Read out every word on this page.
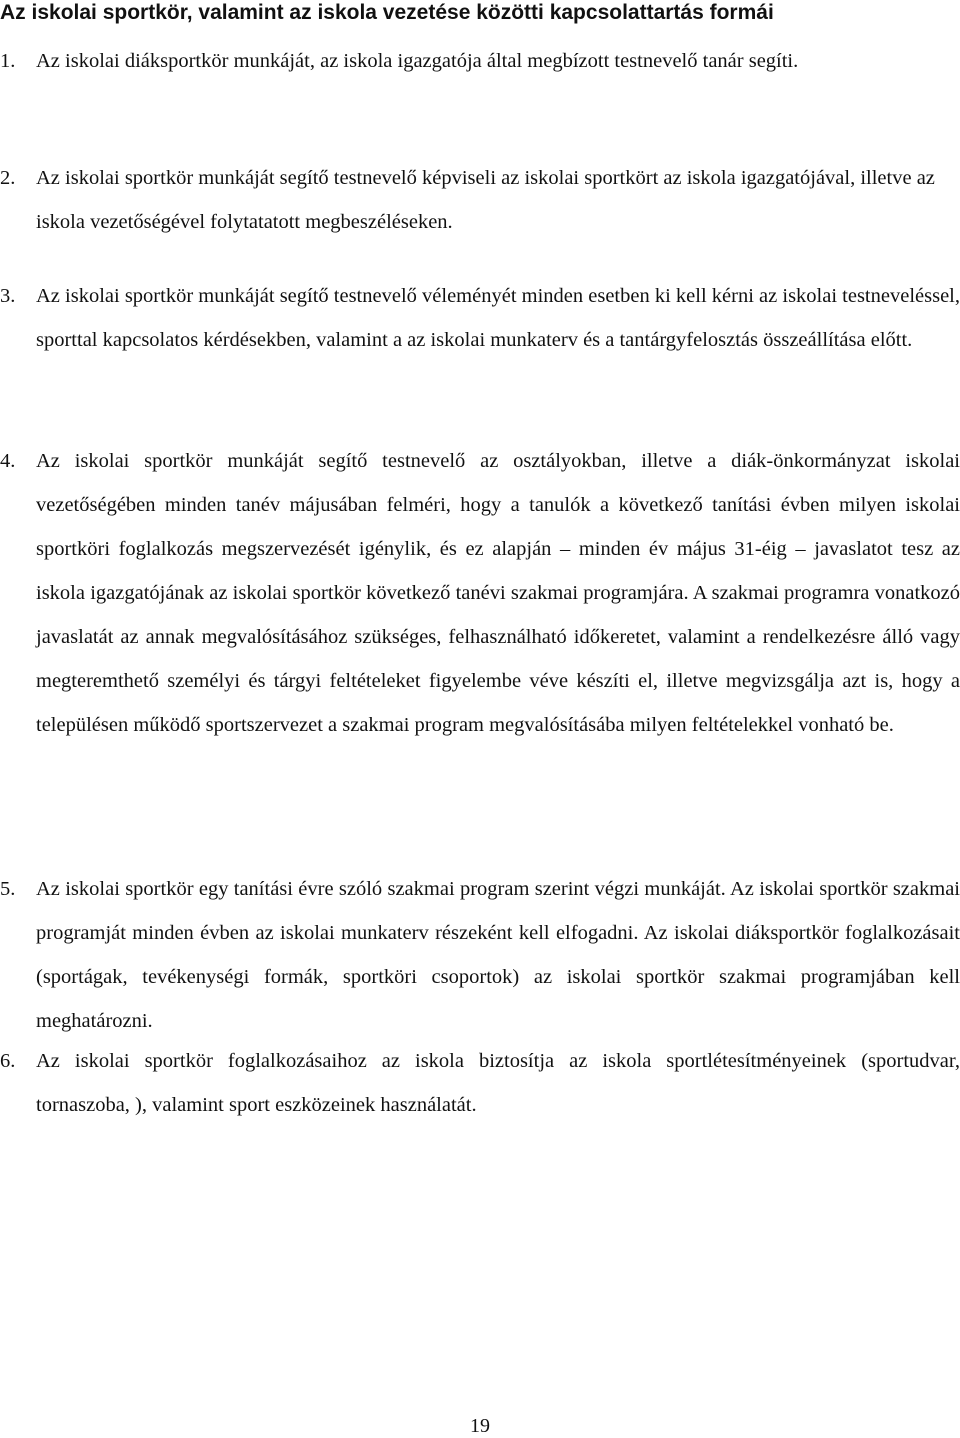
Az iskolai sportkör, valamint az iskola vezetése közötti kapcsolattartás formái
1.	Az iskolai diáksportkör munkáját, az iskola igazgatója által megbízott testnevelő tanár segíti.
2.	Az iskolai sportkör munkáját segítő testnevelő képviseli az iskolai sportkört az iskola igazgatójával, illetve az iskola vezetőségével folytatatott megbeszéléseken.
3.	Az iskolai sportkör munkáját segítő testnevelő véleményét minden esetben ki kell kérni az iskolai testneveléssel, sporttal kapcsolatos kérdésekben, valamint a az iskolai munkaterv és a tantárgyfelosztás összeállítása előtt.
4.	Az iskolai sportkör munkáját segítő testnevelő az osztályokban, illetve a diák-önkormányzat iskolai vezetőségében minden tanév májusában felméri, hogy a tanulók a következő tanítási évben milyen iskolai sportköri foglalkozás megszervezését igénylik, és ez alapján – minden év május 31-éig – javaslatot tesz az iskola igazgatójának az iskolai sportkör következő tanévi szakmai programjára. A szakmai programra vonatkozó javaslatát az annak megvalósításához szükséges, felhasználható időkeretet, valamint a rendelkezésre álló vagy megteremthető személyi és tárgyi feltételeket figyelembe véve készíti el, illetve megvizsgálja azt is, hogy a településen működő sportszervezet a szakmai program megvalósításába milyen feltételekkel vonható be.
5.	Az iskolai sportkör egy tanítási évre szóló szakmai program szerint végzi munkáját. Az iskolai sportkör szakmai programját minden évben az iskolai munkaterv részeként kell elfogadni. Az iskolai diáksportkör foglalkozásait (sportágak, tevékenységi formák, sportköri csoportok) az iskolai sportkör szakmai programjában kell meghatározni.
6.	Az iskolai sportkör foglalkozásaihoz az iskola biztosítja az iskola sportlétesítményeinek (sportudvar, tornaszoba, ), valamint sport eszközeinek használatát.
19
